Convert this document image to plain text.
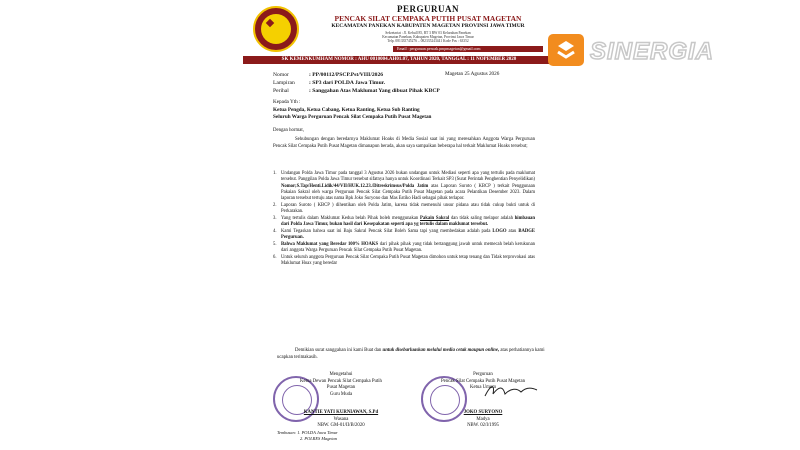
PERGURUAN
PENCAK SILAT CEMPAKA PUTIH PUSAT MAGETAN
KECAMATAN PANEKAN KABUPATEN MAGETAN PROVINSI JAWA TIMUR
Sekretariat : Jl. Kebull 85, RT 3 RW 03 Kelurahan Panekan
Kecamatan Panekan, Kabupaten Magetan, Provinsi Jawa Timur
Telp. 081335745276 – 082335243441 Kode Pos : 63352
Email : perguruan.pencak.pmpmagetan@gmail.com
SK KEMENKUMHAM NOMOR : AHU 0010004.AH01.07, TAHUN 2020, TANGGAL : 11 NOPEMBER 2020
Nomor	: PP/00112/PSCP.Pst/VIII/2026
Lampiran	: SP3 dari POLDA Jawa Timur.
Perihal	: Sanggahan Atas Maklumat Yang dibuat Pihak KBCP
Magetan 25 Agustus 2026
Kepada Yth :
Ketua Pengda, Ketua Cabang, Ketua Ranting, Ketua Sub Ranting
Seluruh Warga Perguruan Pencak Silat Cempaka Putih Pusat Magetan
Dengan hormat,
Sehubungan dengan beredarnya Maklumat Hoaks di Media Sosial saat ini yang meresahkan Anggota Warga Perguruan Pencak Silat Cempaka Putih Pusat Magetan dimanapun berada, akan saya sampaikan beberapa hal terkait Maklumat Hoaks tersebut;
1. Undangan Polda Jawa Timur pada tanggal 3 Agustus 2026 bukan undangan untuk Mediasi seperti apa yang tertulis pada maklumat tersebut. Panggilan Polda Jawa Timur tersebut sifatnya hanya untuk Koordinasi Terkait SP3 (Surat Perintah Penghentian Penyelidikan) Nomor;S.Tap/Henti.Lidik/44/VII/HUK.12.23./Ditreskrimsus/Polda Jatim atas Laporan Suroto ( KBCP ) terkait Penggunaan Pakaian Sakral oleh warga Perguruan Pencak Silat Cempaka Putih Pusat Magetan pada acara Pelantikan Desember 2023. Dalam laporan tersebut tertuju atas nama Bpk Joko Suryono dan Mas Estiko Hadi sebagai pihak terlapor.
2. Laporan Suroto ( KBCP ) dihentikan oleh Polda Jatim, karena tidak memenuhi unsur pidana atau tidak cukup bukti untuk di Perkarakan.
3. Yang tertulis dalam Maklumat Kedua belah Pihak boleh menggunakan Pakain Sakral dan tidak saling melapor adalah himbauan dari Polda Jawa Timur, bukan hasil dari Kesepakatan seperti apa yg tertulis dalam maklumat tersebut.
4. Kami Tegaskan bahwa saat ini Baju Sakral Pencak Silat Boleh Sama tapi yang membedakan adalah pada LOGO atau BADGE Perguruan.
5. Bahwa Maklumat yang Beredar 100% HOAKS dari pihak pihak yang tidak bertanggung jawab untuk memecah belah kerukunan dari anggota Warga Perguruan Pencak Silat Cempaka Putih Pusat Magetan.
6. Untuk seluruh anggota Perguruan Pencak Silat Cempaka Putih Pusat Magetan dimohon untuk tetap tenang dan Tidak terprovokasi atas Maklumat Hoax yang beredar
Demikian surat sanggahan ini kami Buat dan untuk disebarluaskan melalui media cetak maupun online, atas perhatiannya kami ucapkan terimakasih.
Mengetahui
Ketua Dewan Pencak Silat Cempaka Putih
Pusat Magetan
Guru Muda
KANTIE YATI KURNIAWAN, S.Pd
Wasana
NBW. GM-01/II/B/2020
Perguruan
Pencak Silat Cempaka Putih Pusat Magetan
Ketua Umum
JOKO SURYONO
Madya
NBW. 02/I/1995
Tembusan: 1. POLDA Jawa Timur
2. POLRES Magetan
SINERGIA
